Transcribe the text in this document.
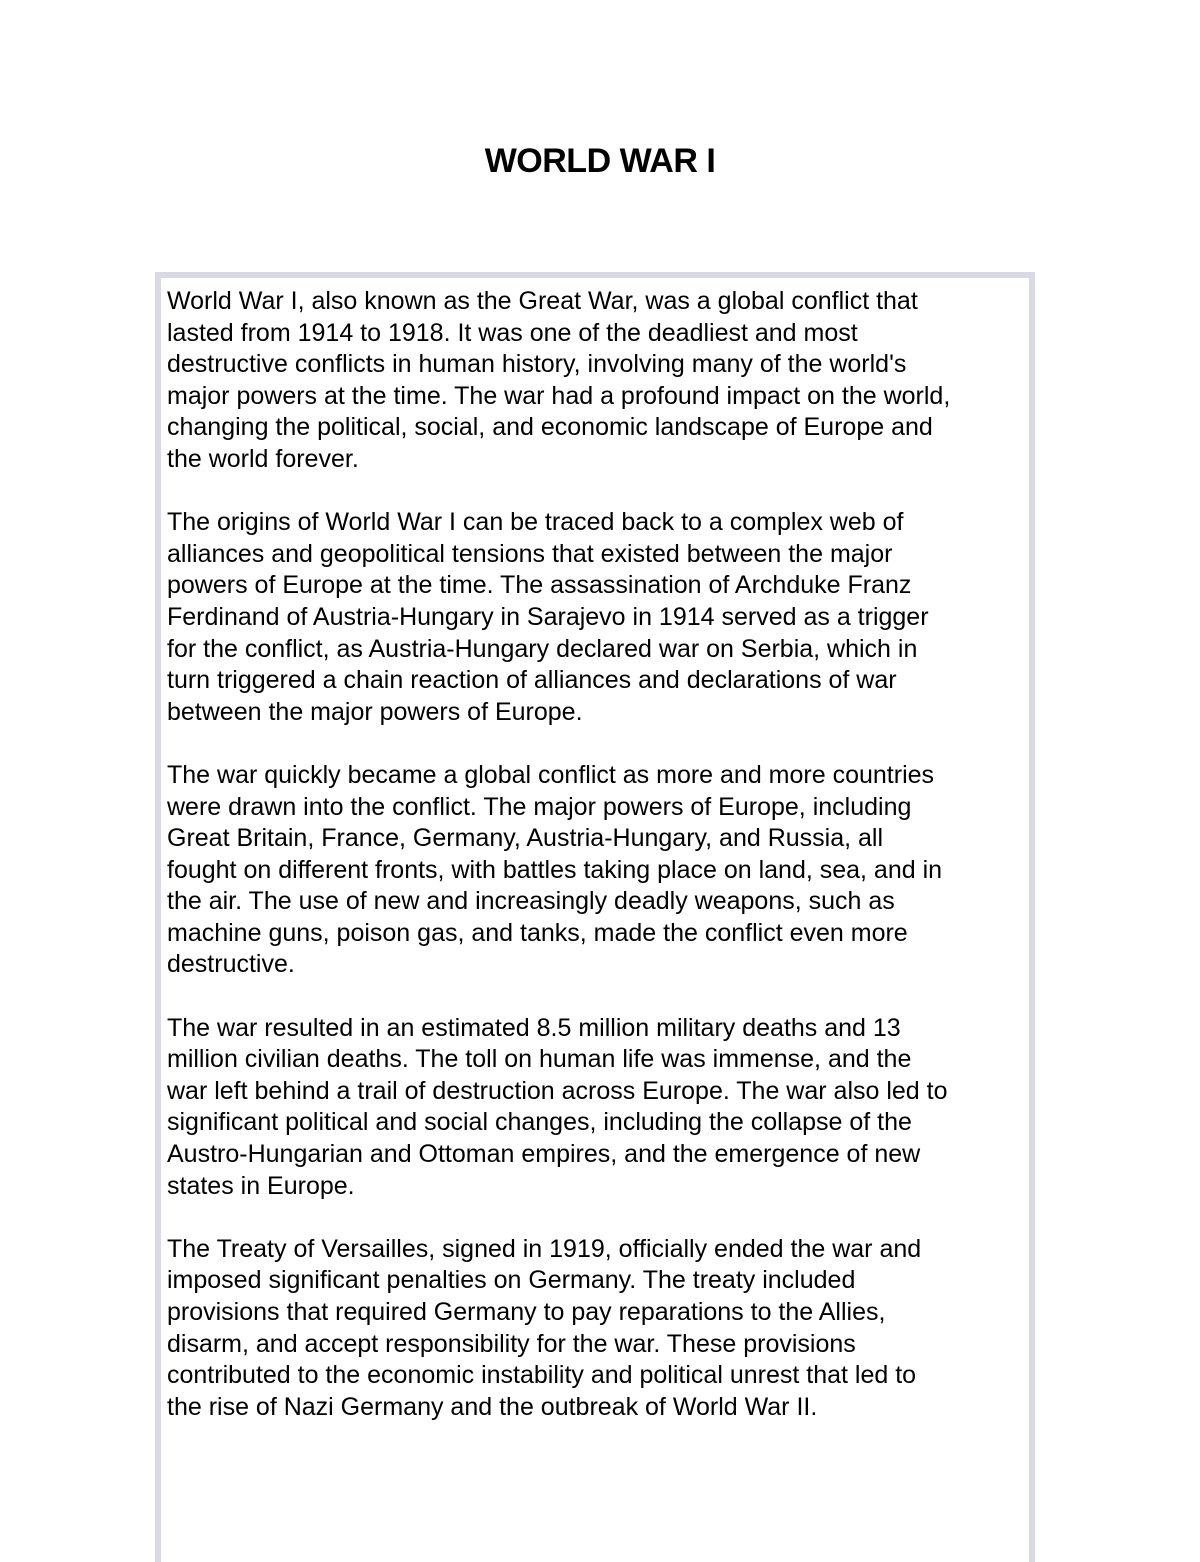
WORLD WAR I
World War I, also known as the Great War, was a global conflict that
lasted from 1914 to 1918. It was one of the deadliest and most
destructive conflicts in human history, involving many of the world's
major powers at the time. The war had a profound impact on the world,
changing the political, social, and economic landscape of Europe and
the world forever.
The origins of World War I can be traced back to a complex web of
alliances and geopolitical tensions that existed between the major
powers of Europe at the time. The assassination of Archduke Franz
Ferdinand of Austria-Hungary in Sarajevo in 1914 served as a trigger
for the conflict, as Austria-Hungary declared war on Serbia, which in
turn triggered a chain reaction of alliances and declarations of war
between the major powers of Europe.
The war quickly became a global conflict as more and more countries
were drawn into the conflict. The major powers of Europe, including
Great Britain, France, Germany, Austria-Hungary, and Russia, all
fought on different fronts, with battles taking place on land, sea, and in
the air. The use of new and increasingly deadly weapons, such as
machine guns, poison gas, and tanks, made the conflict even more
destructive.
The war resulted in an estimated 8.5 million military deaths and 13
million civilian deaths. The toll on human life was immense, and the
war left behind a trail of destruction across Europe. The war also led to
significant political and social changes, including the collapse of the
Austro-Hungarian and Ottoman empires, and the emergence of new
states in Europe.
The Treaty of Versailles, signed in 1919, officially ended the war and
imposed significant penalties on Germany. The treaty included
provisions that required Germany to pay reparations to the Allies,
disarm, and accept responsibility for the war. These provisions
contributed to the economic instability and political unrest that led to
the rise of Nazi Germany and the outbreak of World War II.
